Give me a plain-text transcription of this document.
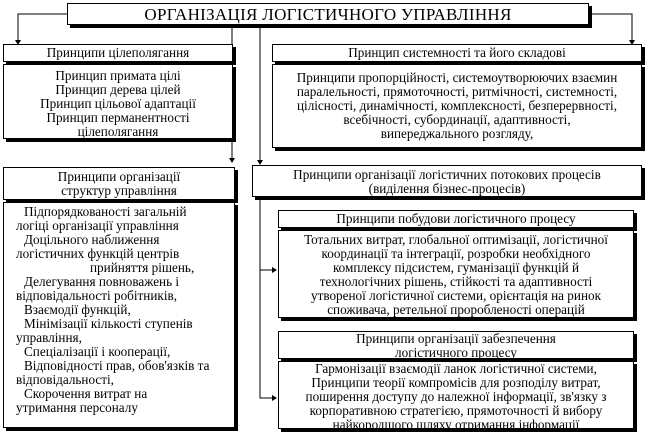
ОРГАНІЗАЦІЯ ЛОГІСТИЧНОГО УПРАВЛІННЯ
Принципи цілеполягання
Принцип примата цілі
Принцип дерева цілей
Принцип цільової адаптації
Принцип перманентності
цілеполягання
Принцип системності та його складові
Принципи пропорційності, системоутворюючих взаємин
паралельності, прямоточності, ритмічності, системності,
цілісності, динамічності, комплексності, безперервності,
всебічності, субординації, адаптивності,
випереджального розгляду,
Принципи організації
структур управління
Підпорядкованості загальній
логіці організації управління
Доцільного наближення
логістичних функцій центрів
прийняття рішень,
Делегування повноважень і
відповідальності робітників,
Взаємодії функцій,
Мінімізації кількості ступенів
управління,
Спеціалізації і кооперації,
Відповідності прав, обов'язків та
відповідальності,
Скорочення витрат на
утримання персоналу
Принципи організації логістичних потокових процесів
(виділення бізнес-процесів)
Принципи побудови логістичного процесу
Тотальних витрат, глобальної оптимізації, логістичної
координації та інтеграції, розробки необхідного
комплексу підсистем, гуманізації функцій й
технологічних рішень, стійкості та адаптивності
утвореної логістичної системи, орієнтація на ринок
споживача, ретельної проробленості операцій
Принципи організації забезпечення
логістичного процесу
Гармонізації взаємодії ланок логістичної системи,
Принципи теорії компромісів для розподілу витрат,
поширення доступу до належної інформації, зв'язку з
корпоративною стратегією, прямоточності й вибору
найкородшого шляху отримання інформації
